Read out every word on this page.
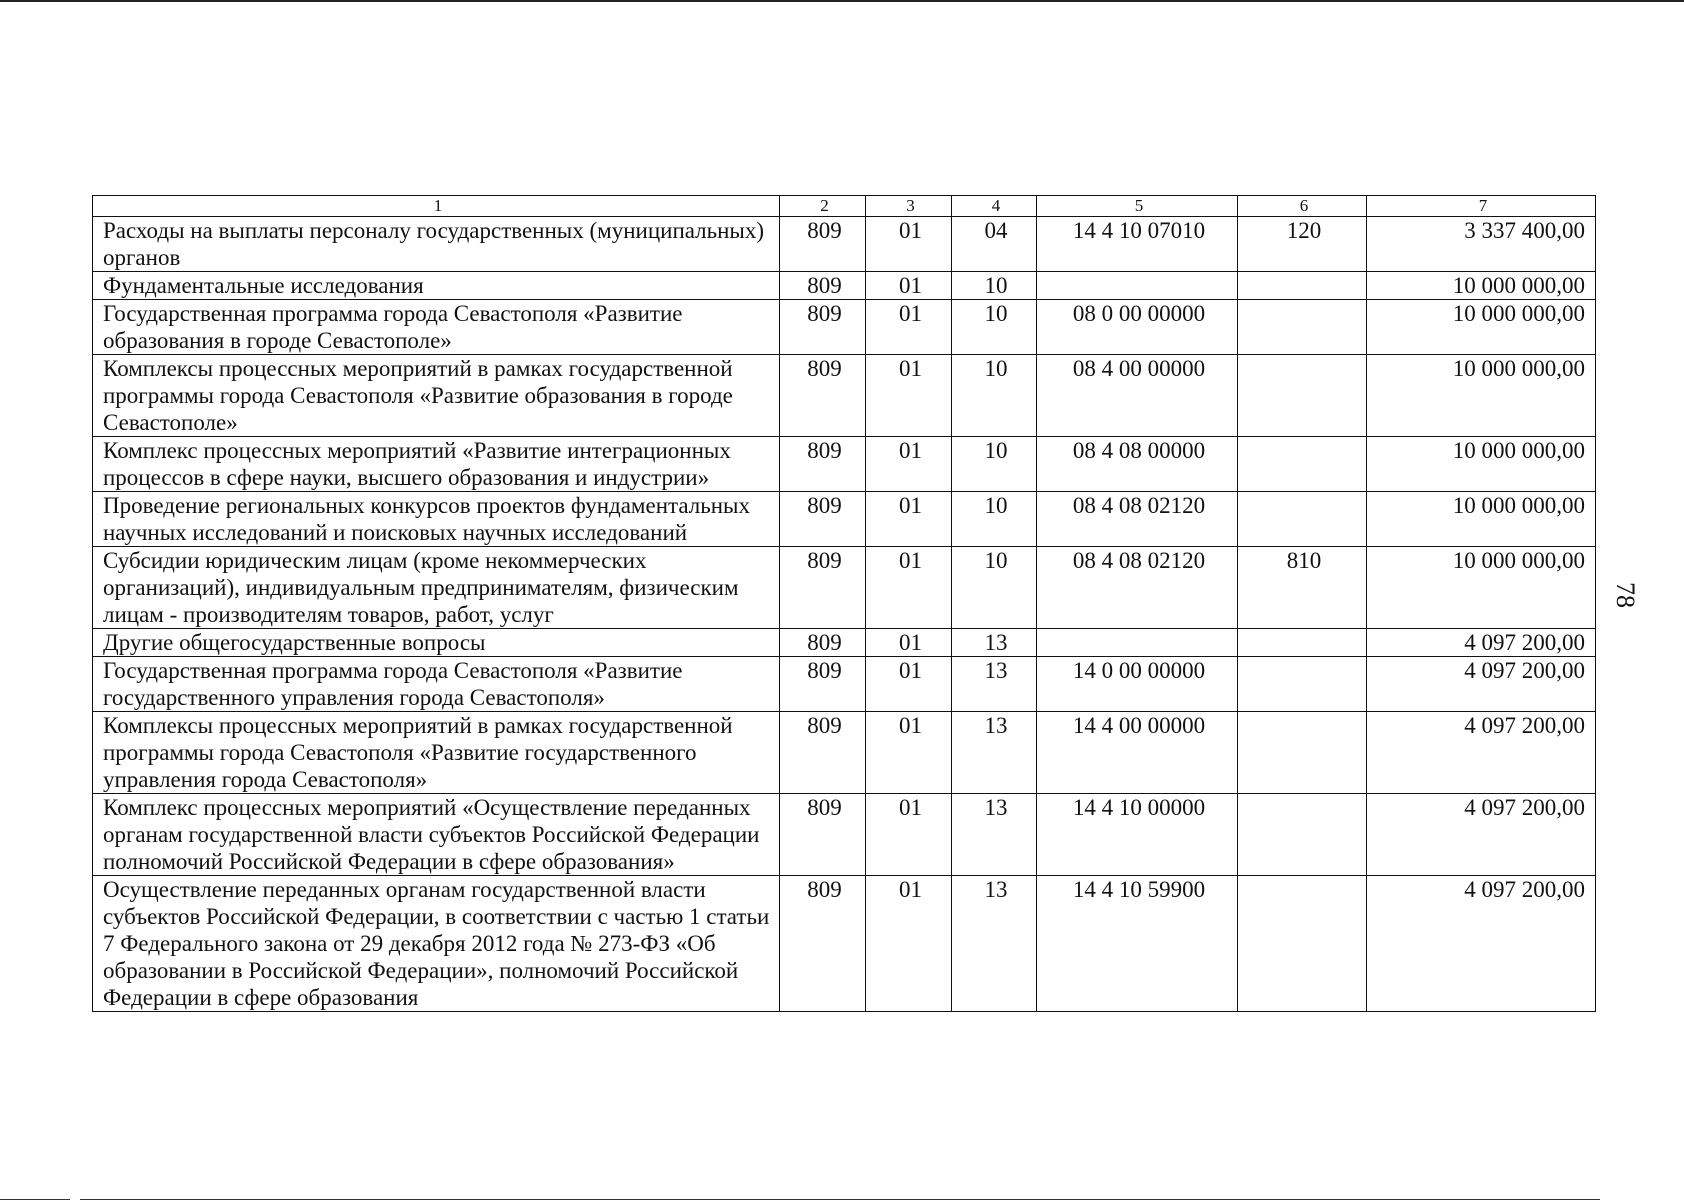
1	2	3	4	5	6	7
Расходы на выплаты персоналу государственных (муниципальных) органов	809	01	04	14 4 10 07010	120	3 337 400,00
Фундаментальные исследования	809	01	10			10 000 000,00
Государственная программа города Севастополя «Развитие образования в городе Севастополе»	809	01	10	08 0 00 00000		10 000 000,00
Комплексы процессных мероприятий в рамках государственной программы города Севастополя «Развитие образования в городе Севастополе»	809	01	10	08 4 00 00000		10 000 000,00
Комплекс процессных мероприятий «Развитие интеграционных процессов в сфере науки, высшего образования и индустрии»	809	01	10	08 4 08 00000		10 000 000,00
Проведение региональных конкурсов проектов фундаментальных научных исследований и поисковых научных исследований	809	01	10	08 4 08 02120		10 000 000,00
Субсидии юридическим лицам (кроме некоммерческих организаций), индивидуальным предпринимателям, физическим лицам - производителям товаров, работ, услуг	809	01	10	08 4 08 02120	810	10 000 000,00
Другие общегосударственные вопросы	809	01	13			4 097 200,00
Государственная программа города Севастополя «Развитие государственного управления города Севастополя»	809	01	13	14 0 00 00000		4 097 200,00
Комплексы процессных мероприятий в рамках государственной программы города Севастополя «Развитие государственного управления города Севастополя»	809	01	13	14 4 00 00000		4 097 200,00
Комплекс процессных мероприятий «Осуществление переданных органам государственной власти субъектов Российской Федерации полномочий Российской Федерации в сфере образования»	809	01	13	14 4 10 00000		4 097 200,00
Осуществление переданных органам государственной власти субъектов Российской Федерации, в соответствии с частью 1 статьи 7 Федерального закона от 29 декабря 2012 года № 273-ФЗ «Об образовании в Российской Федерации», полномочий Российской Федерации в сфере образования	809	01	13	14 4 10 59900		4 097 200,00
78
